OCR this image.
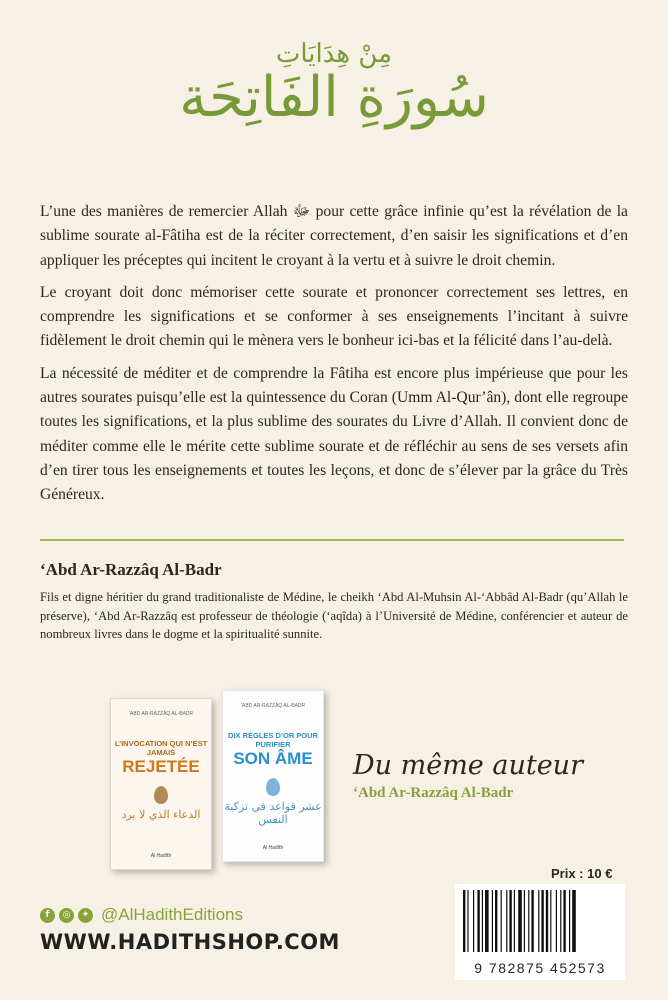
مِنْ هِدَايَاتِ
سُورَةِ الفَاتِحَة

L’une des manières de remercier Allah ﷻ pour cette grâce infinie qu’est la révélation de la sublime sourate al-Fâtiha est de la réciter correctement, d’en saisir les significations et d’en appliquer les préceptes qui incitent le croyant à la vertu et à suivre le droit chemin.

Le croyant doit donc mémoriser cette sourate et prononcer correctement ses lettres, en comprendre les significations et se conformer à ses enseignements l’incitant à suivre fidèlement le droit chemin qui le mènera vers le bonheur ici-bas et la félicité dans l’au-delà.

La nécessité de méditer et de comprendre la Fâtiha est encore plus impérieuse que pour les autres sourates puisqu’elle est la quintessence du Coran (Umm Al-Qur’ân), dont elle regroupe toutes les significations, et la plus sublime des sourates du Livre d’Allah. Il convient donc de méditer comme elle le mérite cette sublime sourate et de réfléchir au sens de ses versets afin d’en tirer tous les enseignements et toutes les leçons, et donc de s’élever par la grâce du Très Généreux.

‘Abd Ar-Razzâq Al-Badr

Fils et digne héritier du grand traditionaliste de Médine, le cheikh ‘Abd Al-Muhsin Al-‘Abbâd Al-Badr (qu’Allah le préserve), ‘Abd Ar-Razzâq est professeur de théologie (‘aqîda) à l’Université de Médine, conférencier et auteur de nombreux livres dans le dogme et la spiritualité sunnite.

‘ABD AR-RAZZÂQ AL-BADR
L’INVOCATION QUI N’EST JAMAIS
REJETÉE
الدعاء الذي لا يرد
Al Hadîth
‘ABD AR-RAZZÂQ AL-BADR
DIX RÈGLES D’OR POUR PURIFIER
SON ÂME
عشر قواعد في تزكية النفس
Al Hadîth
Du même auteur
‘Abd Ar-Razzâq Al-Badr
f	◎	✦ @AlHadithEditions
WWW.HADITHSHOP.COM
Prix : 10 €
9 782875 452573
